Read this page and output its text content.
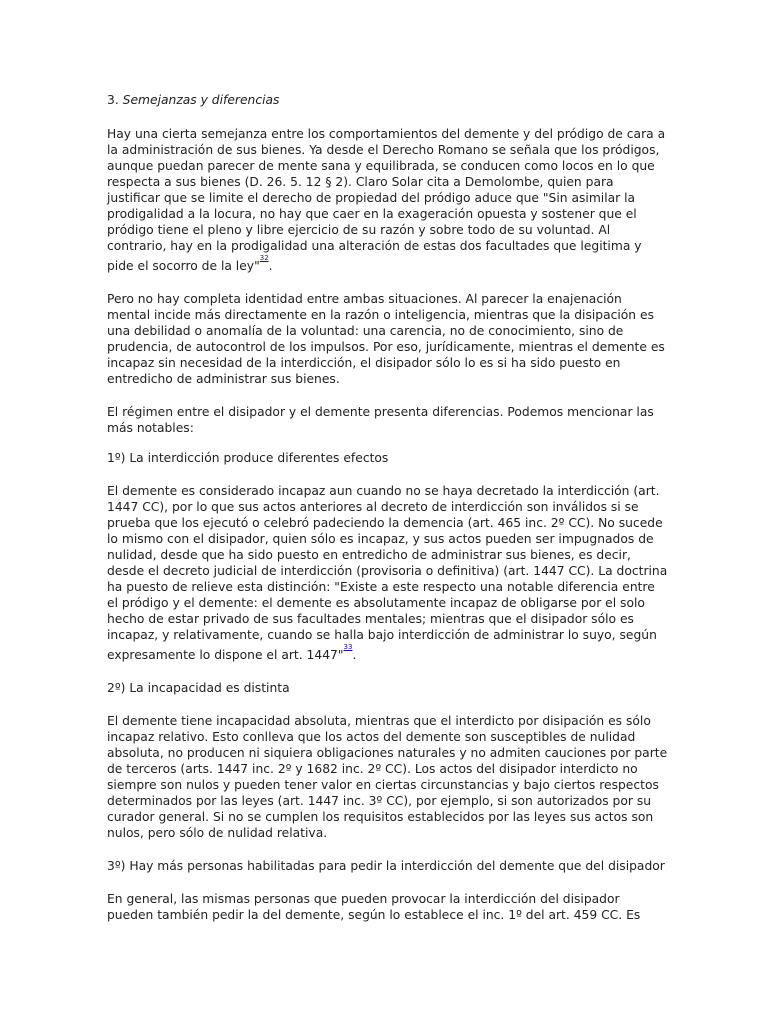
3. Semejanzas y diferencias

Hay una cierta semejanza entre los comportamientos del demente y del pródigo de cara a la administración de sus bienes. Ya desde el Derecho Romano se señala que los pródigos, aunque puedan parecer de mente sana y equilibrada, se conducen como locos en lo que respecta a sus bienes (D. 26. 5. 12 § 2). Claro Solar cita a Demolombe, quien para justificar que se limite el derecho de propiedad del pródigo aduce que "Sin asimilar la prodigalidad a la locura, no hay que caer en la exageración opuesta y sostener que el pródigo tiene el pleno y libre ejercicio de su razón y sobre todo de su voluntad. Al contrario, hay en la prodigalidad una alteración de estas dos facultades que legitima y pide el socorro de la ley"$^{^{32}}$.

Pero no hay completa identidad entre ambas situaciones. Al parecer la enajenación mental incide más directamente en la razón o inteligencia, mientras que la disipación es una debilidad o anomalía de la voluntad: una carencia, no de conocimiento, sino de prudencia, de autocontrol de los impulsos. Por eso, jurídicamente, mientras el demente es incapaz sin necesidad de la interdicción, el disipador sólo lo es si ha sido puesto en entredicho de administrar sus bienes.

El régimen entre el disipador y el demente presenta diferencias. Podemos mencionar las más notables:

1º) La interdicción produce diferentes efectos

El demente es considerado incapaz aun cuando no se haya decretado la interdicción (art. 1447 CC), por lo que sus actos anteriores al decreto de interdicción son inválidos si se prueba que los ejecutó o celebró padeciendo la demencia (art. 465 inc. 2º CC). No sucede lo mismo con el disipador, quien sólo es incapaz, y sus actos pueden ser impugnados de nulidad, desde que ha sido puesto en entredicho de administrar sus bienes, es decir, desde el decreto judicial de interdicción (provisoria o definitiva) (art. 1447 CC). La doctrina ha puesto de relieve esta distinción: "Existe a este respecto una notable diferencia entre el pródigo y el demente: el demente es absolutamente incapaz de obligarse por el solo hecho de estar privado de sus facultades mentales; mientras que el disipador sólo es incapaz, y relativamente, cuando se halla bajo interdicción de administrar lo suyo, según expresamente lo dispone el art. 1447"$^{^{33}}$.

2º) La incapacidad es distinta

El demente tiene incapacidad absoluta, mientras que el interdicto por disipación es sólo incapaz relativo. Esto conlleva que los actos del demente son susceptibles de nulidad absoluta, no producen ni siquiera obligaciones naturales y no admiten cauciones por parte de terceros (arts. 1447 inc. 2º y 1682 inc. 2º CC). Los actos del disipador interdicto no siempre son nulos y pueden tener valor en ciertas circunstancias y bajo ciertos respectos determinados por las leyes (art. 1447 inc. 3º CC), por ejemplo, si son autorizados por su curador general. Si no se cumplen los requisitos establecidos por las leyes sus actos son nulos, pero sólo de nulidad relativa.

3º) Hay más personas habilitadas para pedir la interdicción del demente que del disipador

En general, las mismas personas que pueden provocar la interdicción del disipador pueden también pedir la del demente, según lo establece el inc. 1º del art. 459 CC. Es
